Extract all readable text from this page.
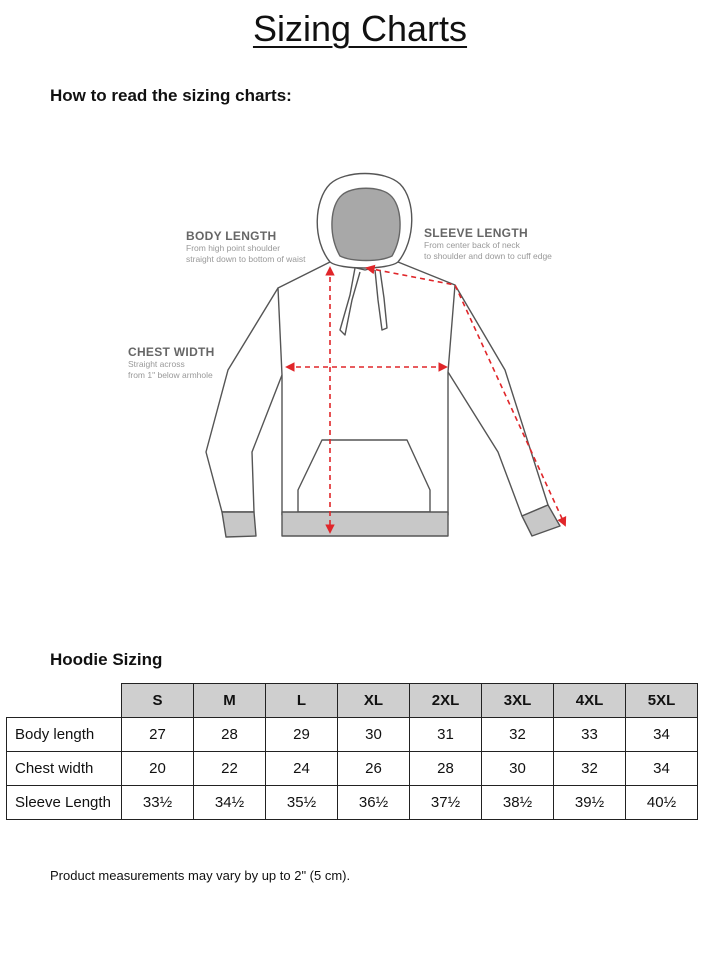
Sizing Charts
How to read the sizing charts:
BODY LENGTH
From high point shoulder
straight down to bottom of waist
SLEEVE LENGTH
From center back of neck
to shoulder and down to cuff edge
CHEST WIDTH
Straight across
from 1" below armhole
Hoodie Sizing
	S	M	L	XL	2XL	3XL	4XL	5XL
Body length	27	28	29	30	31	32	33	34
Chest width	20	22	24	26	28	30	32	34
Sleeve Length	33½	34½	35½	36½	37½	38½	39½	40½
Product measurements may vary by up to 2" (5 cm).
